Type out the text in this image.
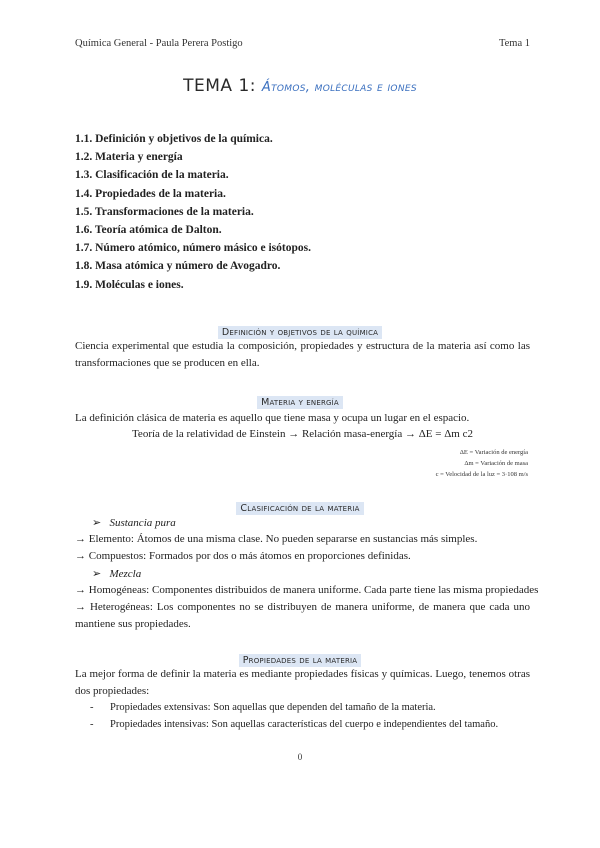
Química General - Paula Perera Postigo	Tema 1
TEMA 1: Átomos, moléculas e iones
1.1. Definición y objetivos de la química.
1.2. Materia y energía
1.3. Clasificación de la materia.
1.4. Propiedades de la materia.
1.5. Transformaciones de la materia.
1.6. Teoría atómica de Dalton.
1.7. Número atómico, número másico e isótopos.
1.8. Masa atómica y número de Avogadro.
1.9. Moléculas e iones.
Definición y objetivos de la química

Ciencia experimental que estudia la composición, propiedades y estructura de la materia así como las transformaciones que se producen en ella.

Materia y energía

La definición clásica de materia es aquello que tiene masa y ocupa un lugar en el espacio.

Teoría de la relatividad de Einstein → Relación masa-energía → ΔE = Δm c2
ΔE = Variación de energía
Δm = Variación de masa
c = Velocidad de la luz = 3·108 m/s
Clasificación de la materia
➢ Sustancia pura
→ Elemento: Átomos de una misma clase. No pueden separarse en sustancias más simples.
→ Compuestos: Formados por dos o más átomos en proporciones definidas.
➢ Mezcla
→ Homogéneas: Componentes distribuidos de manera uniforme. Cada parte tiene las misma propiedades

→ Heterogéneas: Los componentes no se distribuyen de manera uniforme, de manera que cada uno mantiene sus propiedades.

Propiedades de la materia

La mejor forma de definir la materia es mediante propiedades físicas y químicas. Luego, tenemos otras dos propiedades:

- Propiedades extensivas: Son aquellas que dependen del tamaño de la materia.
- Propiedades intensivas: Son aquellas características del cuerpo e independientes del tamaño.
0
